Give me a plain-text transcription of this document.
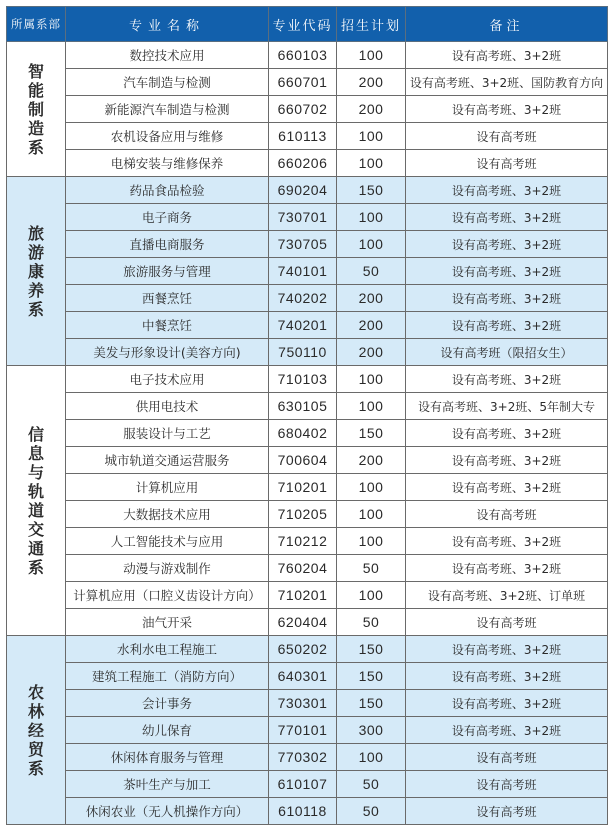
所属系部	专业名称	专业代码	招生计划	备注
智能制造系	数控技术应用	660103	100	设有高考班、3+2班
	汽车制造与检测	660701	200	设有高考班、3+2班、国防教育方向
	新能源汽车制造与检测	660702	200	设有高考班、3+2班
	农机设备应用与维修	610113	100	设有高考班
	电梯安装与维修保养	660206	100	设有高考班
旅游康养系	药品食品检验	690204	150	设有高考班、3+2班
	电子商务	730701	100	设有高考班、3+2班
	直播电商服务	730705	100	设有高考班、3+2班
	旅游服务与管理	740101	50	设有高考班、3+2班
	西餐烹饪	740202	200	设有高考班、3+2班
	中餐烹饪	740201	200	设有高考班、3+2班
	美发与形象设计(美容方向)	750110	200	设有高考班（限招女生）
信息与轨道交通系	电子技术应用	710103	100	设有高考班、3+2班
	供用电技术	630105	100	设有高考班、3+2班、5年制大专
	服装设计与工艺	680402	150	设有高考班、3+2班
	城市轨道交通运营服务	700604	200	设有高考班、3+2班
	计算机应用	710201	100	设有高考班、3+2班
	大数据技术应用	710205	100	设有高考班
	人工智能技术与应用	710212	100	设有高考班、3+2班
	动漫与游戏制作	760204	50	设有高考班、3+2班
	计算机应用（口腔义齿设计方向）	710201	100	设有高考班、3+2班、订单班
	油气开采	620404	50	设有高考班
农林经贸系	水利水电工程施工	650202	150	设有高考班、3+2班
	建筑工程施工（消防方向）	640301	150	设有高考班、3+2班
	会计事务	730301	150	设有高考班、3+2班
	幼儿保育	770101	300	设有高考班、3+2班
	休闲体育服务与管理	770302	100	设有高考班
	茶叶生产与加工	610107	50	设有高考班
	休闲农业（无人机操作方向）	610118	50	设有高考班
